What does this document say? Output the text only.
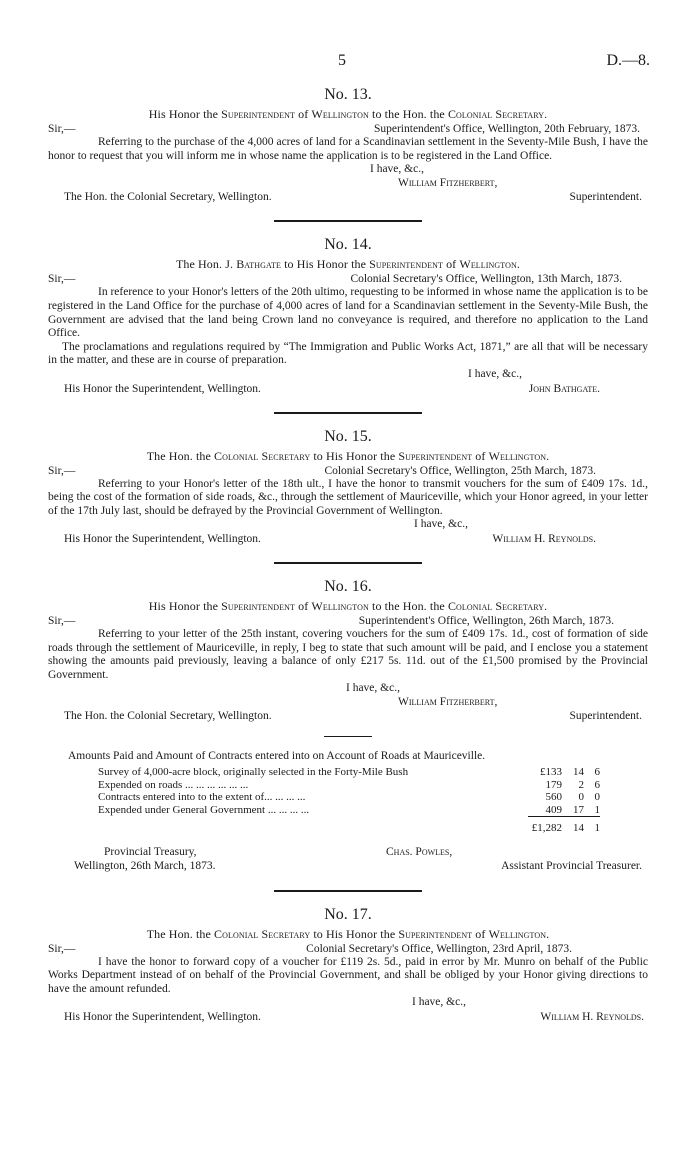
5	D.—8.

No. 13.

His Honor the Superintendent of Wellington to the Hon. the Colonial Secretary.

Sir,—	Superintendent's Office, Wellington, 20th February, 1873.

Referring to the purchase of the 4,000 acres of land for a Scandinavian settlement in the Seventy-Mile Bush, I have the honor to request that you will inform me in whose name the application is to be registered in the Land Office.

I have, &c.,
William Fitzherbert,
The Hon. the Colonial Secretary, Wellington.	Superintendent.

No. 14.

The Hon. J. Bathgate to His Honor the Superintendent of Wellington.

Sir,—	Colonial Secretary's Office, Wellington, 13th March, 1873.

In reference to your Honor's letters of the 20th ultimo, requesting to be informed in whose name the application is to be registered in the Land Office for the purchase of 4,000 acres of land for a Scandinavian settlement in the Seventy-Mile Bush, the Government are advised that the land being Crown land no conveyance is required, and therefore no application to the Land Office.

The proclamations and regulations required by “The Immigration and Public Works Act, 1871,” are all that will be necessary in the matter, and these are in course of preparation.

I have, &c.,
His Honor the Superintendent, Wellington.	John Bathgate.

No. 15.

The Hon. the Colonial Secretary to His Honor the Superintendent of Wellington.

Sir,—	Colonial Secretary's Office, Wellington, 25th March, 1873.

Referring to your Honor's letter of the 18th ult., I have the honor to transmit vouchers for the sum of £409 17s. 1d., being the cost of the formation of side roads, &c., through the settlement of Mauriceville, which your Honor agreed, in your letter of the 17th July last, should be defrayed by the Provincial Government of Wellington.

I have, &c.,
His Honor the Superintendent, Wellington.	William H. Reynolds.

No. 16.

His Honor the Superintendent of Wellington to the Hon. the Colonial Secretary.

Sir,—	Superintendent's Office, Wellington, 26th March, 1873.

Referring to your letter of the 25th instant, covering vouchers for the sum of £409 17s. 1d., cost of formation of side roads through the settlement of Mauriceville, in reply, I beg to state that such amount will be paid, and I enclose you a statement showing the amounts paid previously, leaving a balance of only £217 5s. 11d. out of the £1,500 promised by the Provincial Government.

I have, &c.,
William Fitzherbert,
The Hon. the Colonial Secretary, Wellington.	Superintendent.
Amounts Paid and Amount of Contracts entered into on Account of Roads at Mauriceville.
Survey of 4,000-acre block, originally selected in the Forty-Mile Bush	£133	14	6
Expended on roads ... ... ... ... ... ...	179	2	6
Contracts entered into to the extent of... ... ... ...	560	0	0
Expended under General Government ... ... ... ...	409	17	1
	£1,282	14	1
Provincial Treasury,
Wellington, 26th March, 1873.
Chas. Powles,
Assistant Provincial Treasurer.

No. 17.

The Hon. the Colonial Secretary to His Honor the Superintendent of Wellington.

Sir,—	Colonial Secretary's Office, Wellington, 23rd April, 1873.

I have the honor to forward copy of a voucher for £119 2s. 5d., paid in error by Mr. Munro on behalf of the Public Works Department instead of on behalf of the Provincial Government, and shall be obliged by your Honor giving directions to have the amount refunded.

I have, &c.,
His Honor the Superintendent, Wellington.	William H. Reynolds.
